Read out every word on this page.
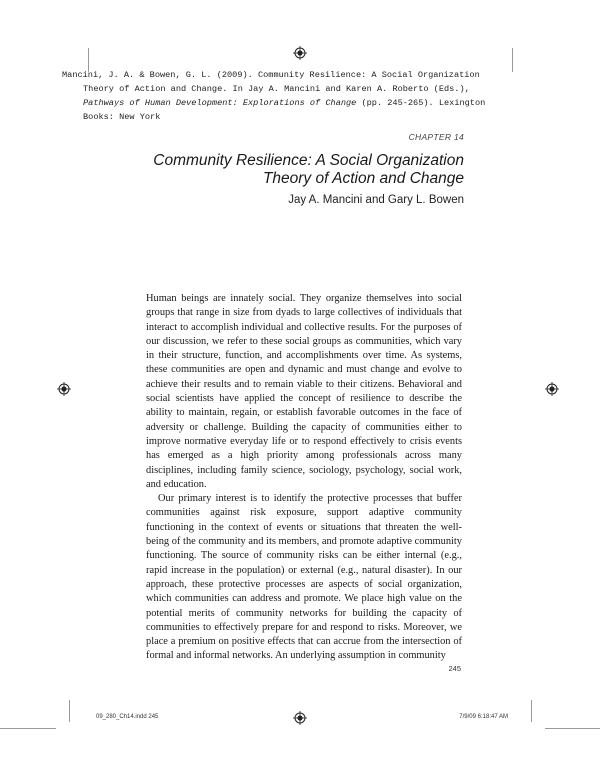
Mancini, J. A. & Bowen, G. L. (2009). Community Resilience: A Social Organization
Theory of Action and Change. In Jay A. Mancini and Karen A. Roberto (Eds.),
Pathways of Human Development: Explorations of Change (pp. 245-265). Lexington
Books: New York
CHAPTER 14
Community Resilience: A Social Organization
Theory of Action and Change
Jay A. Mancini and Gary L. Bowen

Human beings are innately social. They organize themselves into social groups that range in size from dyads to large collectives of individuals that interact to accomplish individual and collective results. For the purposes of our discussion, we refer to these social groups as communities, which vary in their structure, function, and accomplishments over time. As systems, these communities are open and dynamic and must change and evolve to achieve their results and to remain viable to their citizens. Behavioral and social scientists have applied the concept of resilience to describe the ability to maintain, regain, or establish favorable outcomes in the face of adversity or challenge. Building the capacity of communities either to improve normative everyday life or to respond effectively to crisis events has emerged as a high priority among professionals across many disciplines, including family science, sociology, psychology, social work, and education.

Our primary interest is to identify the protective processes that buffer communities against risk exposure, support adaptive community functioning in the context of events or situations that threaten the well-being of the community and its members, and promote adaptive community functioning. The source of community risks can be either internal (e.g., rapid increase in the population) or external (e.g., natural disaster). In our approach, these protective processes are aspects of social organization, which communities can address and promote. We place high value on the potential merits of community networks for building the capacity of communities to effectively prepare for and respond to risks. Moreover, we place a premium on positive effects that can accrue from the intersection of formal and informal networks. An underlying assumption in community

245
09_280_Ch14.indd 245	7/9/09 6:18:47 AM
